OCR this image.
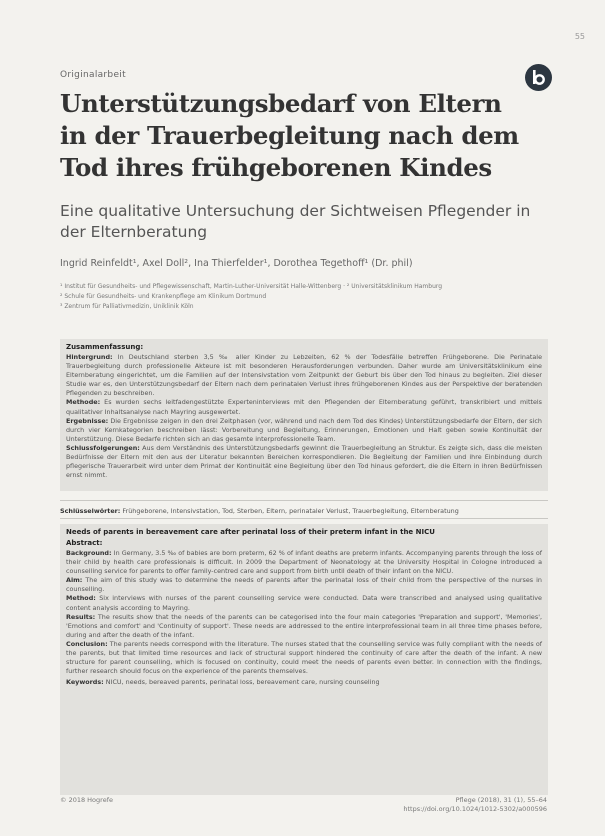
55
Originalarbeit
Unterstützungsbedarf von Eltern in der Trauerbegleitung nach dem Tod ihres frühgeborenen Kindes
Eine qualitative Untersuchung der Sichtweisen Pflegender in der Elternberatung
Ingrid Reinfeldt¹, Axel Doll², Ina Thierfelder¹, Dorothea Tegethoff¹ (Dr. phil)
¹ Institut für Gesundheits- und Pflegewissenschaft, Martin-Luther-Universität Halle-Wittenberg · ² Universitätsklinikum Hamburg
² Schule für Gesundheits- und Krankenpflege am Klinikum Dortmund
³ Zentrum für Palliativmedizin, Uniklinik Köln
Zusammenfassung:

Hintergrund: In Deutschland sterben 3,5 ‰ aller Kinder zu Lebzeiten, 62 % der Todesfälle betreffen Frühgeborene. Die Perinatale Trauerbegleitung durch professionelle Akteure ist mit besonderen Herausforderungen verbunden. Daher wurde am Universitätsklinikum eine Elternberatung eingerichtet, um die Familien auf der Intensivstation vom Zeitpunkt der Geburt bis über den Tod hinaus zu begleiten. Ziel dieser Studie war es, den Unterstützungsbedarf der Eltern nach dem perinatalen Verlust ihres frühgeborenen Kindes aus der Perspektive der beratenden Pflegenden zu beschreiben.

Methode: Es wurden sechs leitfadengestützte Experteninterviews mit den Pflegenden der Elternberatung geführt, transkribiert und mittels qualitativer Inhaltsanalyse nach Mayring ausgewertet.

Ergebnisse: Die Ergebnisse zeigen in den drei Zeitphasen (vor, während und nach dem Tod des Kindes) Unterstützungsbedarfe der Eltern, der sich durch vier Kernkategorien beschreiben lässt: Vorbereitung und Begleitung, Erinnerungen, Emotionen und Halt geben sowie Kontinuität der Unterstützung. Diese Bedarfe richten sich an das gesamte interprofessionelle Team.

Schlussfolgerungen: Aus dem Verständnis des Unterstützungsbedarfs gewinnt die Trauerbegleitung an Struktur. Es zeigte sich, dass die meisten Bedürfnisse der Eltern mit den aus der Literatur bekannten Bereichen korrespondieren. Die Begleitung der Familien und ihre Einbindung durch pflegerische Trauerarbeit wird unter dem Primat der Kontinuität eine Begleitung über den Tod hinaus gefordert, die die Eltern in ihren Bedürfnissen ernst nimmt.

Schlüsselwörter: Frühgeborene, Intensivstation, Tod, Sterben, Eltern, perinataler Verlust, Trauerbegleitung, Elternberatung
Needs of parents in bereavement care after perinatal loss of their preterm infant in the NICU
Abstract:

Background: In Germany, 3.5 ‰ of babies are born preterm, 62 % of infant deaths are preterm infants. Accompanying parents through the loss of their child by health care professionals is difficult. In 2009 the Department of Neonatology at the University Hospital in Cologne introduced a counselling service for parents to offer family-centred care and support from birth until death of their infant on the NICU.

Aim: The aim of this study was to determine the needs of parents after the perinatal loss of their child from the perspective of the nurses in counselling.

Method: Six interviews with nurses of the parent counselling service were conducted. Data were transcribed and analysed using qualitative content analysis according to Mayring.

Results: The results show that the needs of the parents can be categorised into the four main categories 'Preparation and support', 'Memories', 'Emotions and comfort' and 'Continuity of support'. These needs are addressed to the entire interprofessional team in all three time phases before, during and after the death of the infant.

Conclusion: The parents needs correspond with the literature. The nurses stated that the counselling service was fully compliant with the needs of the parents, but that limited time resources and lack of structural support hindered the continuity of care after the death of the infant. A new structure for parent counselling, which is focused on continuity, could meet the needs of parents even better. In connection with the findings, further research should focus on the experience of the parents themselves.

Keywords: NICU, needs, bereaved parents, perinatal loss, bereavement care, nursing counseling

© 2018 Hogrefe	Pflege (2018), 31 (1), 55–64
https://doi.org/10.1024/1012-5302/a000596
